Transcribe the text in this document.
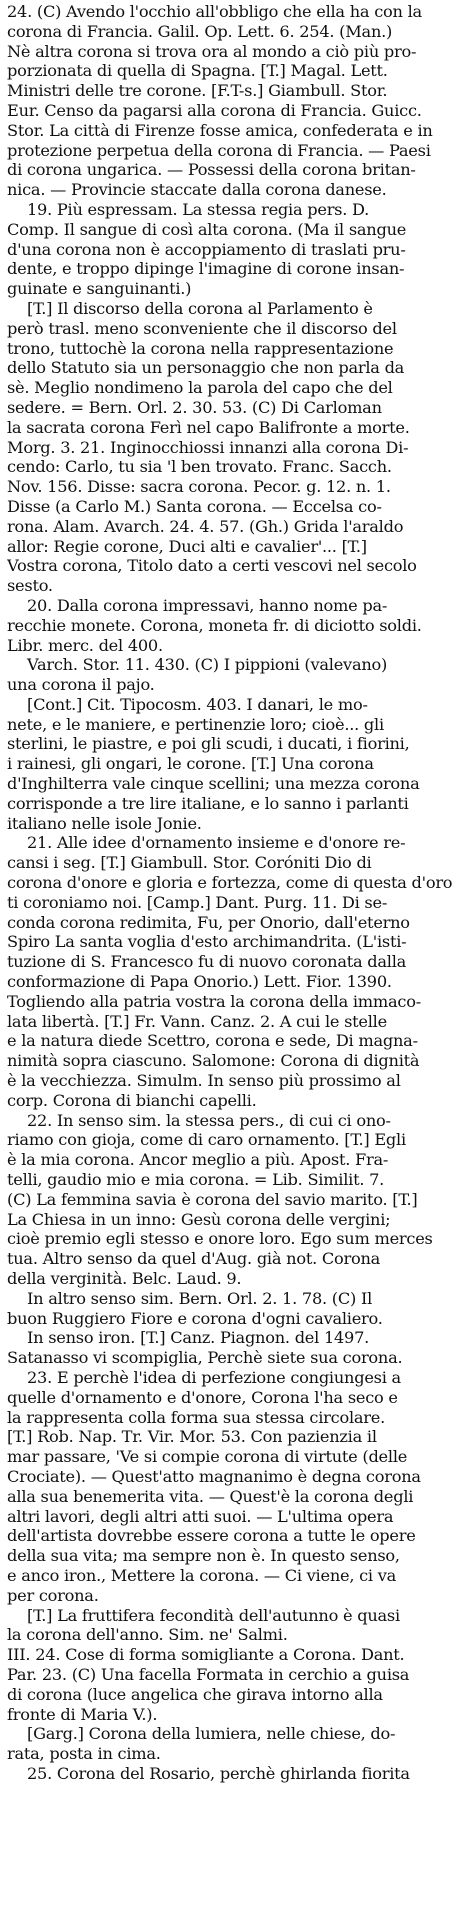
24. (C) Avendo l'occhio all'obbligo che ella ha con la
corona di Francia. Galil. Op. Lett. 6. 254. (Man.)
Nè altra corona si trova ora al mondo a ciò più pro-
porzionata di quella di Spagna. [T.] Magal. Lett.
Ministri delle tre corone. [F.T-s.] Giambull. Stor.
Eur. Censo da pagarsi alla corona di Francia. Guicc.
Stor. La città di Firenze fosse amica, confederata e in
protezione perpetua della corona di Francia. — Paesi
di corona ungarica. — Possessi della corona britan-
nica. — Provincie staccate dalla corona danese.
19. Più espressam. La stessa regia pers. D.
Comp. Il sangue di così alta corona. (Ma il sangue
d'una corona non è accoppiamento di traslati pru-
dente, e troppo dipinge l'imagine di corone insan-
guinate e sanguinanti.)
[T.] Il discorso della corona al Parlamento è
però trasl. meno sconveniente che il discorso del
trono, tuttochè la corona nella rappresentazione
dello Statuto sia un personaggio che non parla da
sè. Meglio nondimeno la parola del capo che del
sedere. = Bern. Orl. 2. 30. 53. (C) Di Carloman
la sacrata corona Ferì nel capo Balifronte a morte.
Morg. 3. 21. Inginocchiossi innanzi alla corona Di-
cendo: Carlo, tu sia 'l ben trovato. Franc. Sacch.
Nov. 156. Disse: sacra corona. Pecor. g. 12. n. 1.
Disse (a Carlo M.) Santa corona. — Eccelsa co-
rona. Alam. Avarch. 24. 4. 57. (Gh.) Grida l'araldo
allor: Regie corone, Duci alti e cavalier'... [T.]
Vostra corona, Titolo dato a certi vescovi nel secolo
sesto.
20. Dalla corona impressavi, hanno nome pa-
recchie monete. Corona, moneta fr. di diciotto soldi.
Libr. merc. del 400.
Varch. Stor. 11. 430. (C) I pippioni (valevano)
una corona il pajo.
[Cont.] Cit. Tipocosm. 403. I danari, le mo-
nete, e le maniere, e pertinenzie loro; cioè... gli
sterlini, le piastre, e poi gli scudi, i ducati, i fiorini,
i rainesi, gli ongari, le corone. [T.] Una corona
d'Inghilterra vale cinque scellini; una mezza corona
corrisponde a tre lire italiane, e lo sanno i parlanti
italiano nelle isole Jonie.
21. Alle idee d'ornamento insieme e d'onore re-
cansi i seg. [T.] Giambull. Stor. Coróniti Dio di
corona d'onore e gloria e fortezza, come di questa d'oro
ti coroniamo noi. [Camp.] Dant. Purg. 11. Di se-
conda corona redimita, Fu, per Onorio, dall'eterno
Spiro La santa voglia d'esto archimandrita. (L'isti-
tuzione di S. Francesco fu di nuovo coronata dalla
conformazione di Papa Onorio.) Lett. Fior. 1390.
Togliendo alla patria vostra la corona della immaco-
lata libertà. [T.] Fr. Vann. Canz. 2. A cui le stelle
e la natura diede Scettro, corona e sede, Di magna-
nimità sopra ciascuno. Salomone: Corona di dignità
è la vecchiezza. Simulm. In senso più prossimo al
corp. Corona di bianchi capelli.
22. In senso sim. la stessa pers., di cui ci ono-
riamo con gioja, come di caro ornamento. [T.] Egli
è la mia corona. Ancor meglio a più. Apost. Fra-
telli, gaudio mio e mia corona. = Lib. Similit. 7.
(C) La femmina savia è corona del savio marito. [T.]
La Chiesa in un inno: Gesù corona delle vergini;
cioè premio egli stesso e onore loro. Ego sum merces
tua. Altro senso da quel d'Aug. già not. Corona
della verginità. Belc. Laud. 9.
In altro senso sim. Bern. Orl. 2. 1. 78. (C) Il
buon Ruggiero Fiore e corona d'ogni cavaliero.
In senso iron. [T.] Canz. Piagnon. del 1497.
Satanasso vi scompiglia, Perchè siete sua corona.
23. E perchè l'idea di perfezione congiungesi a
quelle d'ornamento e d'onore, Corona l'ha seco e
la rappresenta colla forma sua stessa circolare.
[T.] Rob. Nap. Tr. Vir. Mor. 53. Con pazienzia il
mar passare, 'Ve si compie corona di virtute (delle
Crociate). — Quest'atto magnanimo è degna corona
alla sua benemerita vita. — Quest'è la corona degli
altri lavori, degli altri atti suoi. — L'ultima opera
dell'artista dovrebbe essere corona a tutte le opere
della sua vita; ma sempre non è. In questo senso,
e anco iron., Mettere la corona. — Ci viene, ci va
per corona.
[T.] La fruttifera fecondità dell'autunno è quasi
la corona dell'anno. Sim. ne' Salmi.
III. 24. Cose di forma somigliante a Corona. Dant.
Par. 23. (C) Una facella Formata in cerchio a guisa
di corona (luce angelica che girava intorno alla
fronte di Maria V.).
[Garg.] Corona della lumiera, nelle chiese, do-
rata, posta in cima.
25. Corona del Rosario, perchè ghirlanda fiorita
